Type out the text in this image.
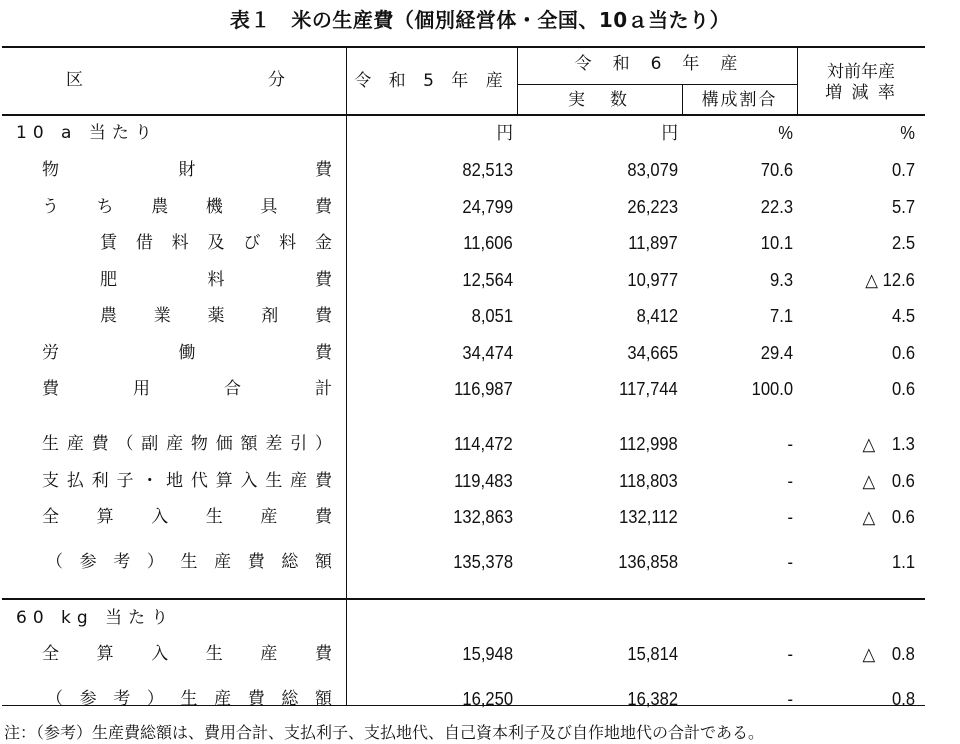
表１　米の生産費（個別経営体・全国、10ａ当たり）
区	分	令 和 5 年 産
令　和　6　年　産
実　数	構成割合
対前年産
増 減 率
10 a 当たり	円	円	%	%
物財費	82,513	83,079	70.6	0.7
うち農機具費	24,799	26,223	22.3	5.7
賃借料及び料金	11,606	11,897	10.1	2.5
肥料費	12,564	10,977	9.3	△ 12.6
農業薬剤費	8,051	8,412	7.1	4.5
労働費	34,474	34,665	29.4	0.6
費用合計	116,987	117,744	100.0	0.6
生産費（副産物価額差引）	114,472	112,998	-	△　1.3
支払利子・地代算入生産費	119,483	118,803	-	△　0.6
全算入生産費	132,863	132,112	-	△　0.6
（参考）生産費総額	135,378	136,858	-	1.1
60 kg 当たり
全算入生産費	15,948	15,814	-	△　0.8
（参考）生産費総額	16,250	16,382	-	0.8
注：（参考）生産費総額は、費用合計、支払利子、支払地代、自己資本利子及び自作地地代の合計である。
